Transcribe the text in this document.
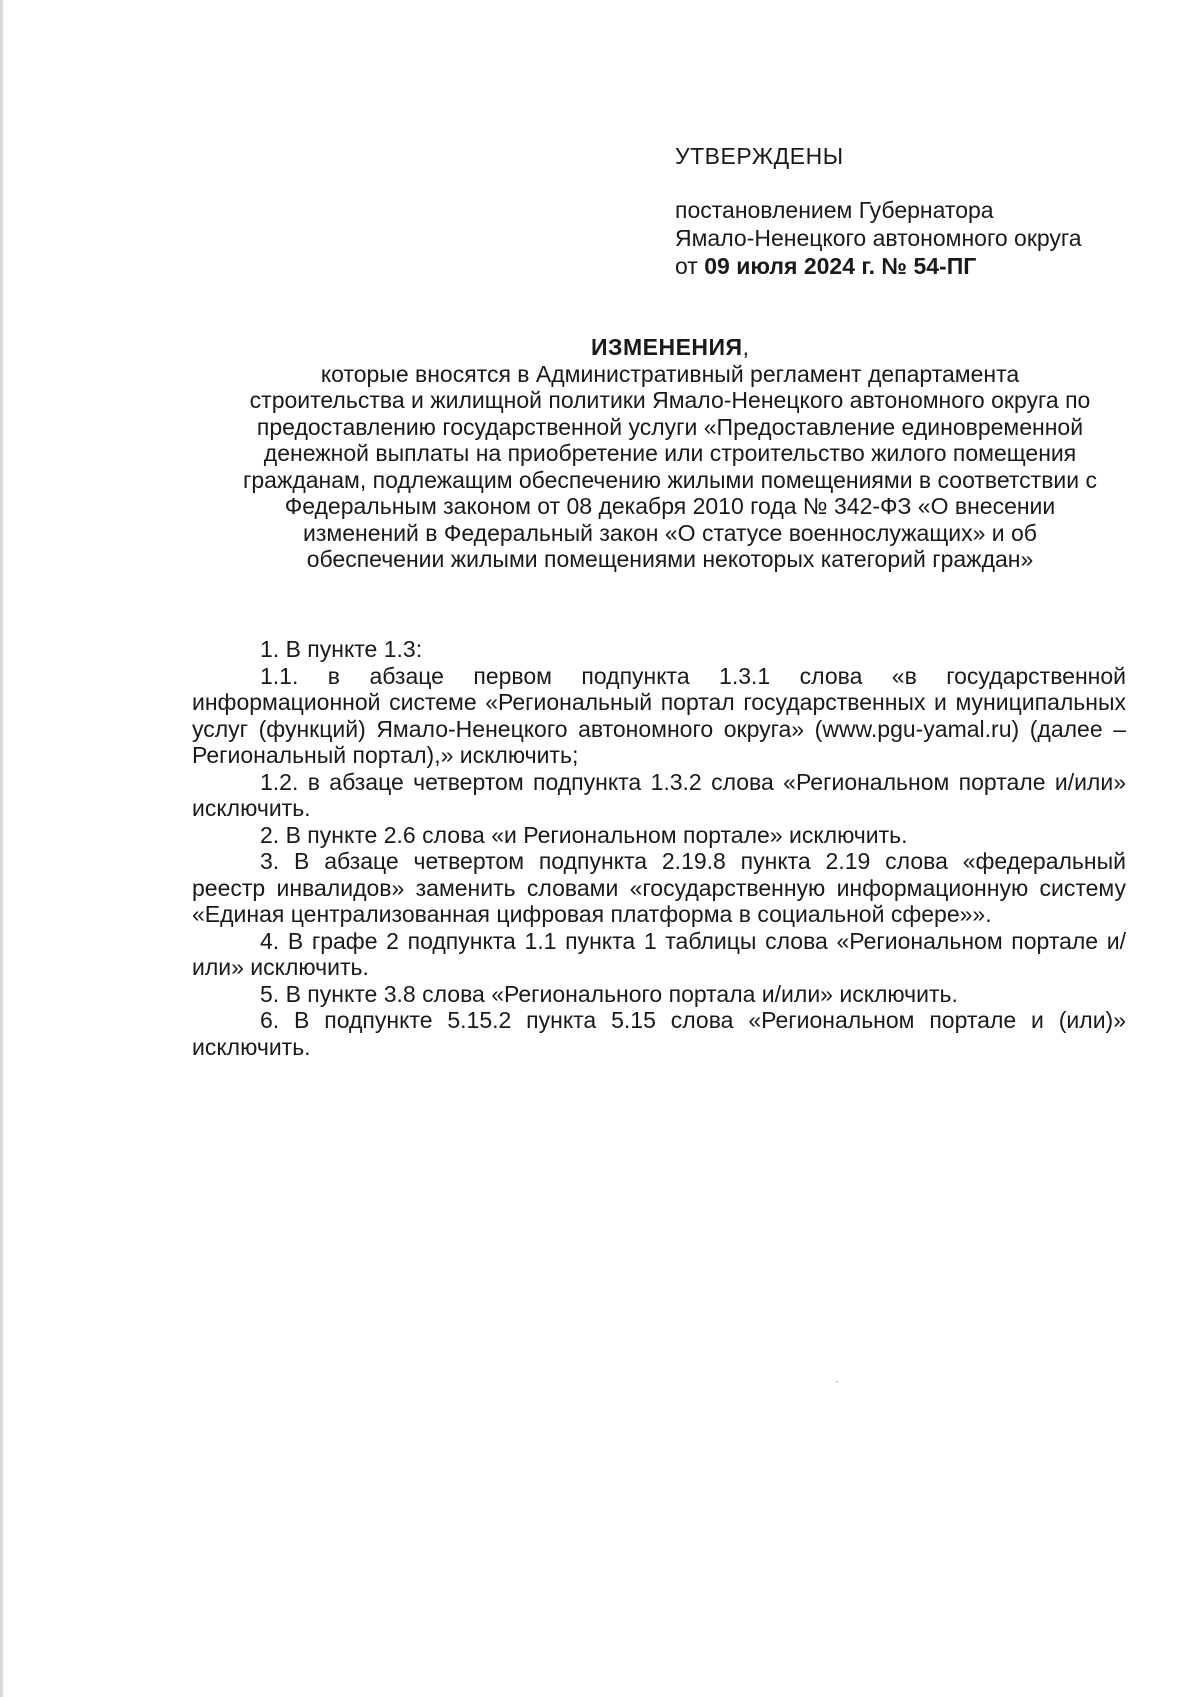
УТВЕРЖДЕНЫ
постановлением Губернатора
Ямало-Ненецкого автономного округа
от 09 июля 2024 г. № 54-ПГ
ИЗМЕНЕНИЯ,
которые вносятся в Административный регламент департамента
строительства и жилищной политики Ямало-Ненецкого автономного округа по
предоставлению государственной услуги «Предоставление единовременной
денежной выплаты на приобретение или строительство жилого помещения
гражданам, подлежащим обеспечению жилыми помещениями в соответствии с
Федеральным законом от 08 декабря 2010 года № 342-ФЗ «О внесении
изменений в Федеральный закон «О статусе военнослужащих» и об
обеспечении жилыми помещениями некоторых категорий граждан»

1. В пункте 1.3:

1.1. в абзаце первом подпункта 1.3.1 слова «в государственной информационной системе «Региональный портал государственных и муниципальных услуг (функций) Ямало-Ненецкого автономного округа» (www.pgu-yamal.ru) (далее – Региональный портал),» исключить;

1.2. в абзаце четвертом подпункта 1.3.2 слова «Региональном портале и/или» исключить.

2. В пункте 2.6 слова «и Региональном портале» исключить.

3. В абзаце четвертом подпункта 2.19.8 пункта 2.19 слова «федеральный реестр инвалидов» заменить словами «государственную информационную систему «Единая централизованная цифровая платформа в социальной сфере»».

4. В графе 2 подпункта 1.1 пункта 1 таблицы слова «Региональном портале и/или» исключить.

5. В пункте 3.8 слова «Регионального портала и/или» исключить.

6. В подпункте 5.15.2 пункта 5.15 слова «Региональном портале и (или)» исключить.
